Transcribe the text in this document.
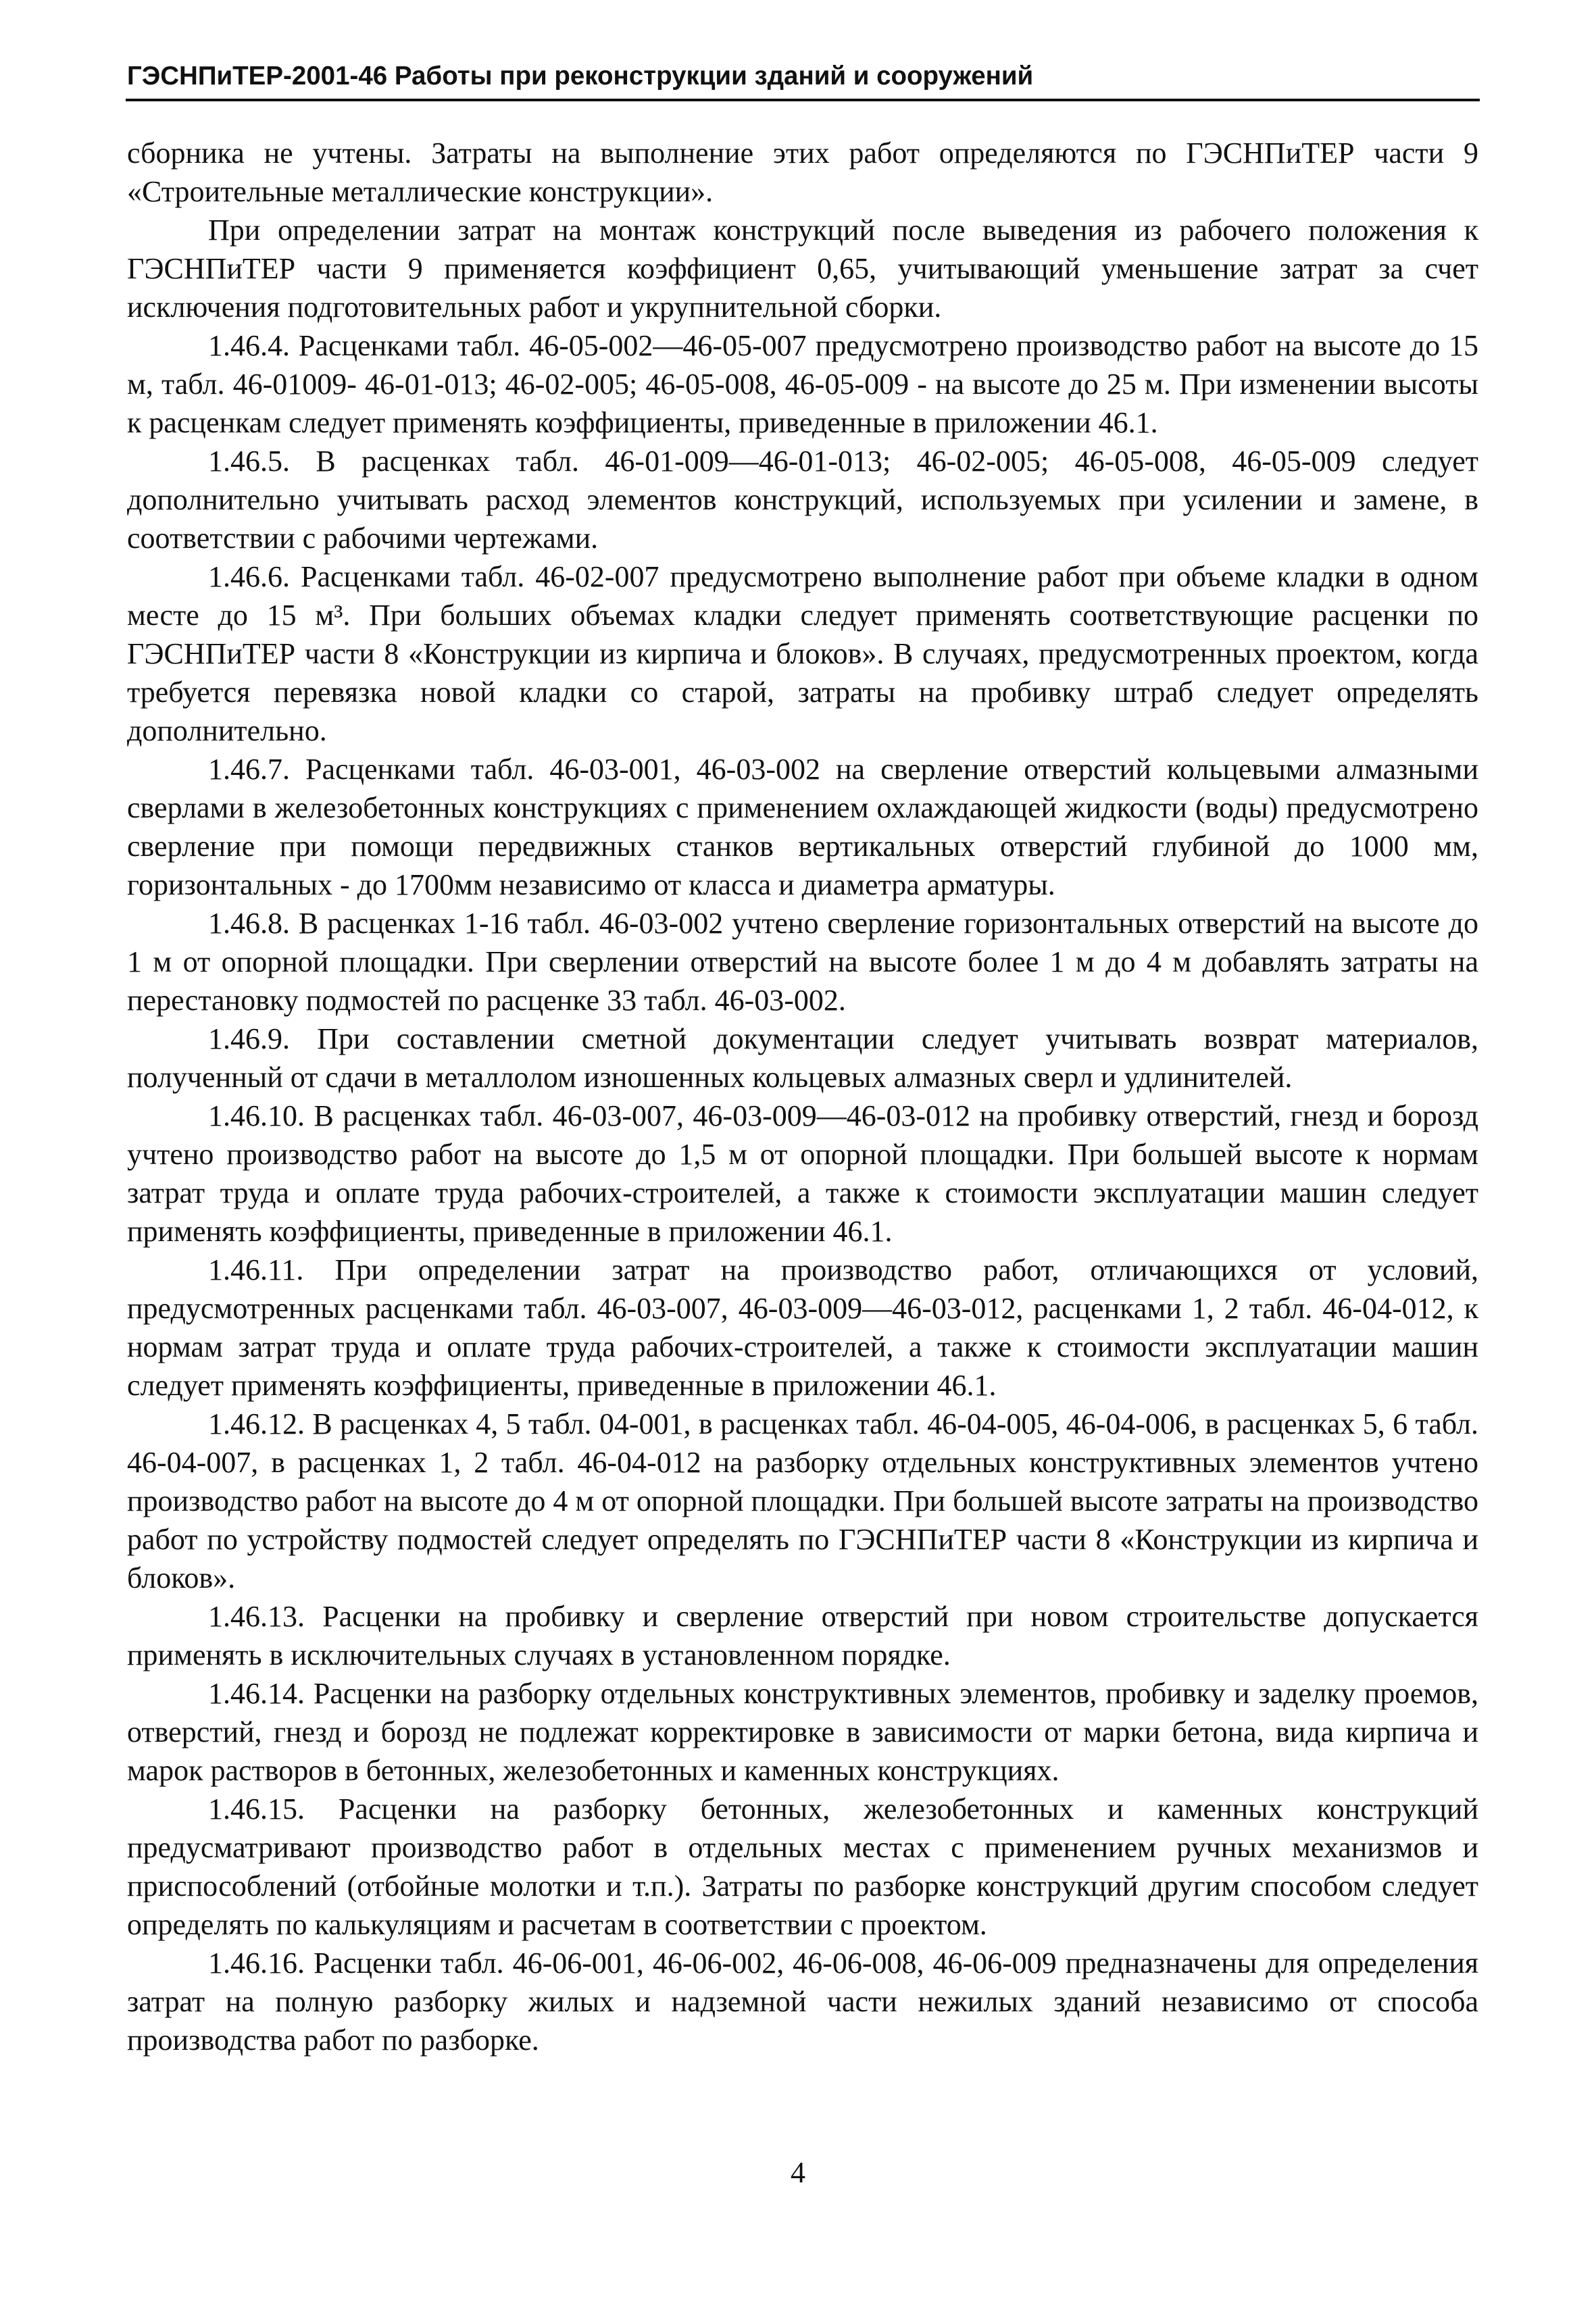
ГЭСНПиТЕР-2001-46 Работы при реконструкции зданий и сооружений

сборника не учтены. Затраты на выполнение этих работ определяются по ГЭСНПиТЕР части 9 «Строительные металлические конструкции».

При определении затрат на монтаж конструкций после выведения из рабочего положения к ГЭСНПиТЕР части 9 применяется коэффициент 0,65, учитывающий уменьшение затрат за счет исключения подготовительных работ и укрупнительной сборки.

1.46.4. Расценками табл. 46-05-002—46-05-007 предусмотрено производство работ на высоте до 15 м, табл. 46-01009- 46-01-013; 46-02-005; 46-05-008, 46-05-009 - на высоте до 25 м. При изменении высоты к расценкам следует применять коэффициенты, приведенные в приложении 46.1.

1.46.5. В расценках табл. 46-01-009—46-01-013; 46-02-005; 46-05-008, 46-05-009 следует дополнительно учитывать расход элементов конструкций, используемых при усилении и замене, в соответствии с рабочими чертежами.

1.46.6. Расценками табл. 46-02-007 предусмотрено выполнение работ при объеме кладки в одном месте до 15 м³. При больших объемах кладки следует применять соответствующие расценки по ГЭСНПиТЕР части 8 «Конструкции из кирпича и блоков». В случаях, предусмотренных проектом, когда требуется перевязка новой кладки со старой, затраты на пробивку штраб следует определять дополнительно.

1.46.7. Расценками табл. 46-03-001, 46-03-002 на сверление отверстий кольцевыми алмазными сверлами в железобетонных конструкциях с применением охлаждающей жидкости (воды) предусмотрено сверление при помощи передвижных станков вертикальных отверстий глубиной до 1000 мм, горизонтальных - до 1700мм независимо от класса и диаметра арматуры.

1.46.8. В расценках 1-16 табл. 46-03-002 учтено сверление горизонтальных отверстий на высоте до 1 м от опорной площадки. При сверлении отверстий на высоте более 1 м до 4 м добавлять затраты на перестановку подмостей по расценке 33 табл. 46-03-002.

1.46.9. При составлении сметной документации следует учитывать возврат материалов, полученный от сдачи в металлолом изношенных кольцевых алмазных сверл и удлинителей.

1.46.10. В расценках табл. 46-03-007, 46-03-009—46-03-012 на пробивку отверстий, гнезд и борозд учтено производство работ на высоте до 1,5 м от опорной площадки. При большей высоте к нормам затрат труда и оплате труда рабочих-строителей, а также к стоимости эксплуатации машин следует применять коэффициенты, приведенные в приложении 46.1.

1.46.11. При определении затрат на производство работ, отличающихся от условий, предусмотренных расценками табл. 46-03-007, 46-03-009—46-03-012, расценками 1, 2 табл. 46-04-012, к нормам затрат труда и оплате труда рабочих-строителей, а также к стоимости эксплуатации машин следует применять коэффициенты, приведенные в приложении 46.1.

1.46.12. В расценках 4, 5 табл. 04-001, в расценках табл. 46-04-005, 46-04-006, в расценках 5, 6 табл. 46-04-007, в расценках 1, 2 табл. 46-04-012 на разборку отдельных конструктивных элементов учтено производство работ на высоте до 4 м от опорной площадки. При большей высоте затраты на производство работ по устройству подмостей следует определять по ГЭСНПиТЕР части 8 «Конструкции из кирпича и блоков».

1.46.13. Расценки на пробивку и сверление отверстий при новом строительстве допускается применять в исключительных случаях в установленном порядке.

1.46.14. Расценки на разборку отдельных конструктивных элементов, пробивку и заделку проемов, отверстий, гнезд и борозд не подлежат корректировке в зависимости от марки бетона, вида кирпича и марок растворов в бетонных, железобетонных и каменных конструкциях.

1.46.15. Расценки на разборку бетонных, железобетонных и каменных конструкций предусматривают производство работ в отдельных местах с применением ручных механизмов и приспособлений (отбойные молотки и т.п.). Затраты по разборке конструкций другим способом следует определять по калькуляциям и расчетам в соответствии с проектом.

1.46.16. Расценки табл. 46-06-001, 46-06-002, 46-06-008, 46-06-009 предназначены для определения затрат на полную разборку жилых и надземной части нежилых зданий независимо от способа производства работ по разборке.

4
